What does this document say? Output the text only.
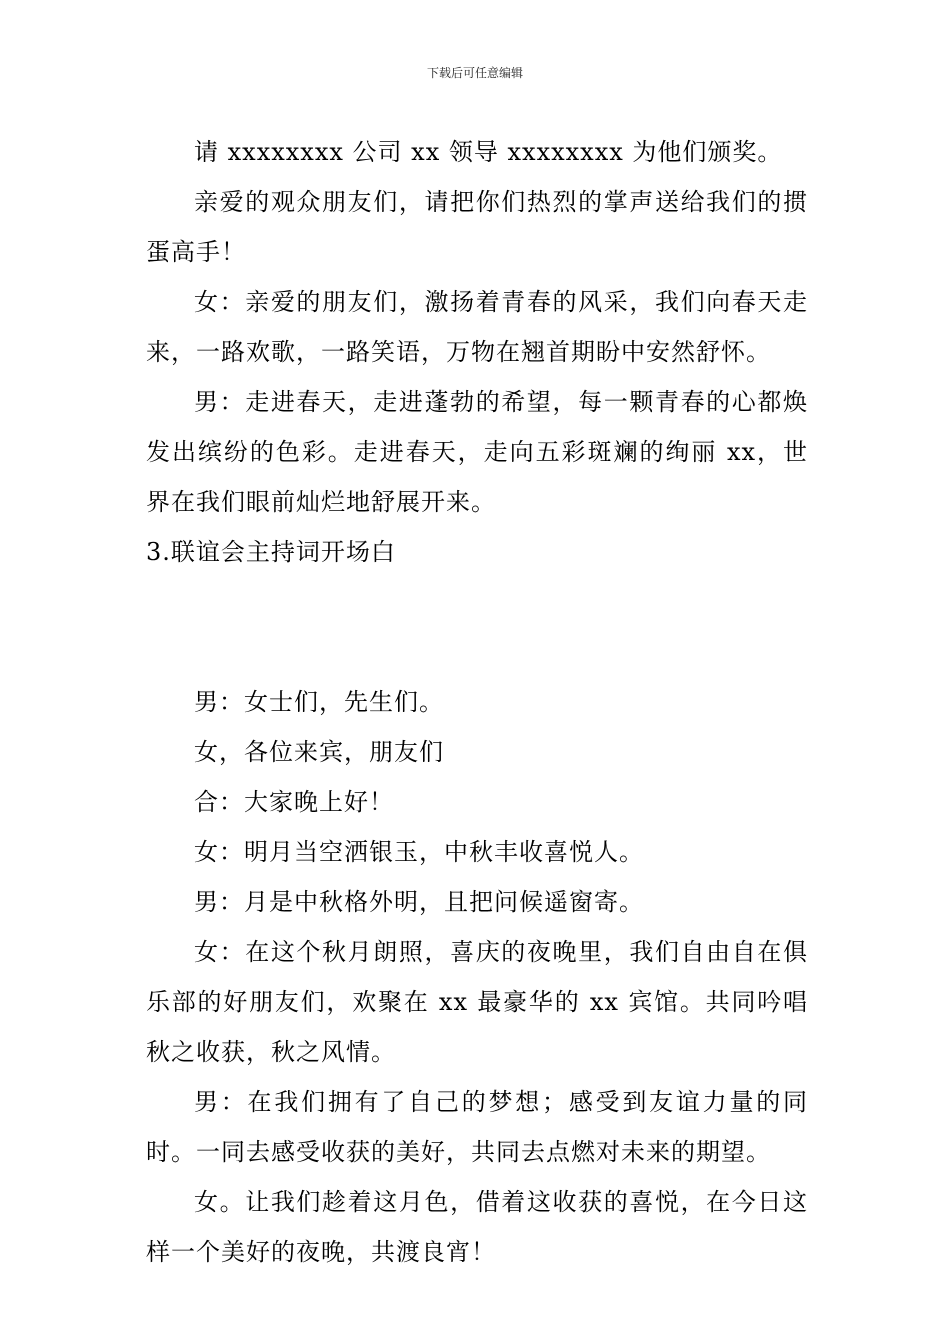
下载后可任意编辑

请 xxxxxxxx 公司 xx 领导 xxxxxxxx 为他们颁奖。

亲爱的观众朋友们，请把你们热烈的掌声送给我们的掼蛋高手！

女：亲爱的朋友们，激扬着青春的风采，我们向春天走来，一路欢歌，一路笑语，万物在翘首期盼中安然舒怀。

男：走进春天，走进蓬勃的希望，每一颗青春的心都焕发出缤纷的色彩。走进春天，走向五彩斑斓的绚丽 xx，世界在我们眼前灿烂地舒展开来。

3.联谊会主持词开场白

男：女士们，先生们。

女，各位来宾，朋友们

合：大家晚上好！

女：明月当空洒银玉，中秋丰收喜悦人。

男：月是中秋格外明，且把问候遥窗寄。

女：在这个秋月朗照，喜庆的夜晚里，我们自由自在俱乐部的好朋友们，欢聚在 xx 最豪华的 xx 宾馆。共同吟唱秋之收获，秋之风情。

男：在我们拥有了自己的梦想；感受到友谊力量的同时。一同去感受收获的美好，共同去点燃对未来的期望。

女。让我们趁着这月色，借着这收获的喜悦，在今日这样一个美好的夜晚，共渡良宵！
